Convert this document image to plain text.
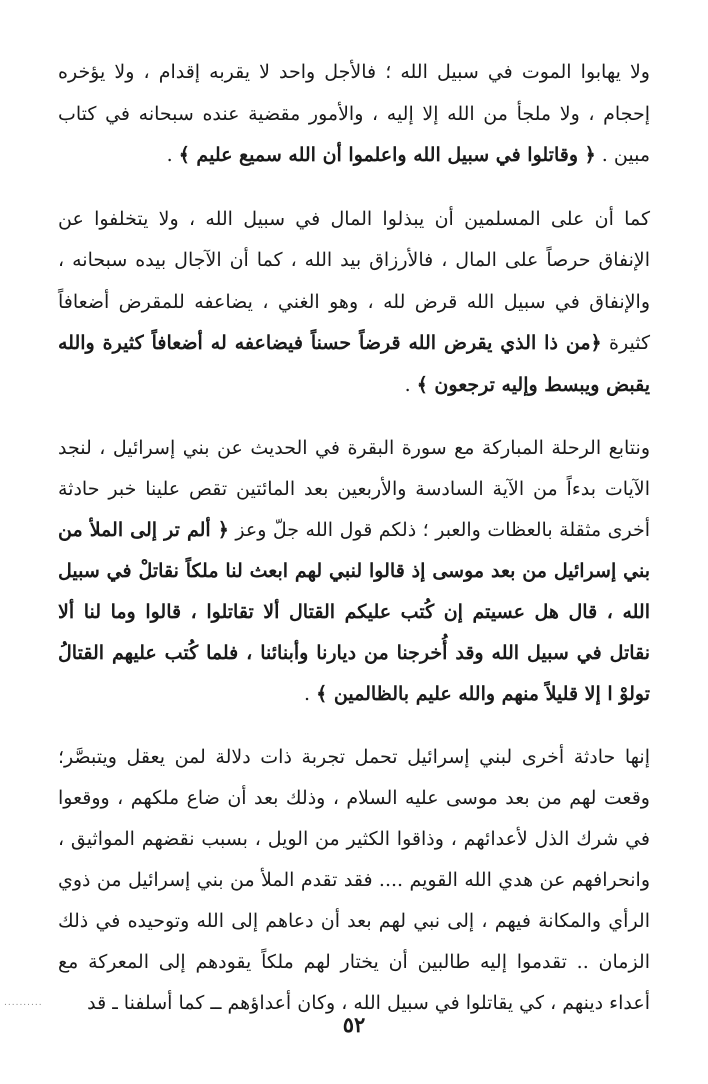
ولا يهابوا الموت في سبيل الله ؛ فالأجل واحد لا يقربه إقدام ، ولا يؤخره إحجام ، ولا ملجأ من الله إلا إليه ، والأمور مقضية عنده سبحانه في كتاب مبين . ﴿ وقاتلوا في سبيل الله واعلموا أن الله سميع عليم ﴾ .

كما أن على المسلمين أن يبذلوا المال في سبيل الله ، ولا يتخلفوا عن الإنفاق حرصاً على المال ، فالأرزاق بيد الله ، كما أن الآجال بيده سبحانه ، والإنفاق في سبيل الله قرض لله ، وهو الغني ، يضاعفه للمقرض أضعافاً كثيرة ﴿من ذا الذي يقرض الله قرضاً حسناً فيضاعفه له أضعافاً كثيرة والله يقبض ويبسط وإليه ترجعون ﴾ .

ونتابع الرحلة المباركة مع سورة البقرة في الحديث عن بني إسرائيل ، لنجد الآيات بدءاً من الآية السادسة والأربعين بعد المائتين تقص علينا خبر حادثة أخرى مثقلة بالعظات والعبر ؛ ذلكم قول الله جلّ وعز ﴿ ألم تر إلى الملأ من بني إسرائيل من بعد موسى إذ قالوا لنبي لهم ابعث لنا ملكاً نقاتلْ في سبيل الله ، قال هل عسيتم إن كُتب عليكم القتال ألا تقاتلوا ، قالوا وما لنا ألا نقاتل في سبيل الله وقد أُخرجنا من ديارنا وأبنائنا ، فلما كُتب عليهم القتالُ تولوْ ا إلا قليلاً منهم والله عليم بالظالمين ﴾ .

إنها حادثة أخرى لبني إسرائيل تحمل تجربة ذات دلالة لمن يعقل ويتبصَّر؛ وقعت لهم من بعد موسى عليه السلام ، وذلك بعد أن ضاع ملكهم ، ووقعوا في شرك الذل لأعدائهم ، وذاقوا الكثير من الويل ، بسبب نقضهم المواثيق ، وانحرافهم عن هدي الله القويم .... فقد تقدم الملأ من بني إسرائيل من ذوي الرأي والمكانة فيهم ، إلى نبي لهم بعد أن دعاهم إلى الله وتوحيده في ذلك الزمان .. تقدموا إليه طالبين أن يختار لهم ملكاً يقودهم إلى المعركة مع أعداء دينهم ، كي يقاتلوا في سبيل الله ، وكان أعداؤهم ــ كما أسلفنا ـ قد

..........
٥٢
